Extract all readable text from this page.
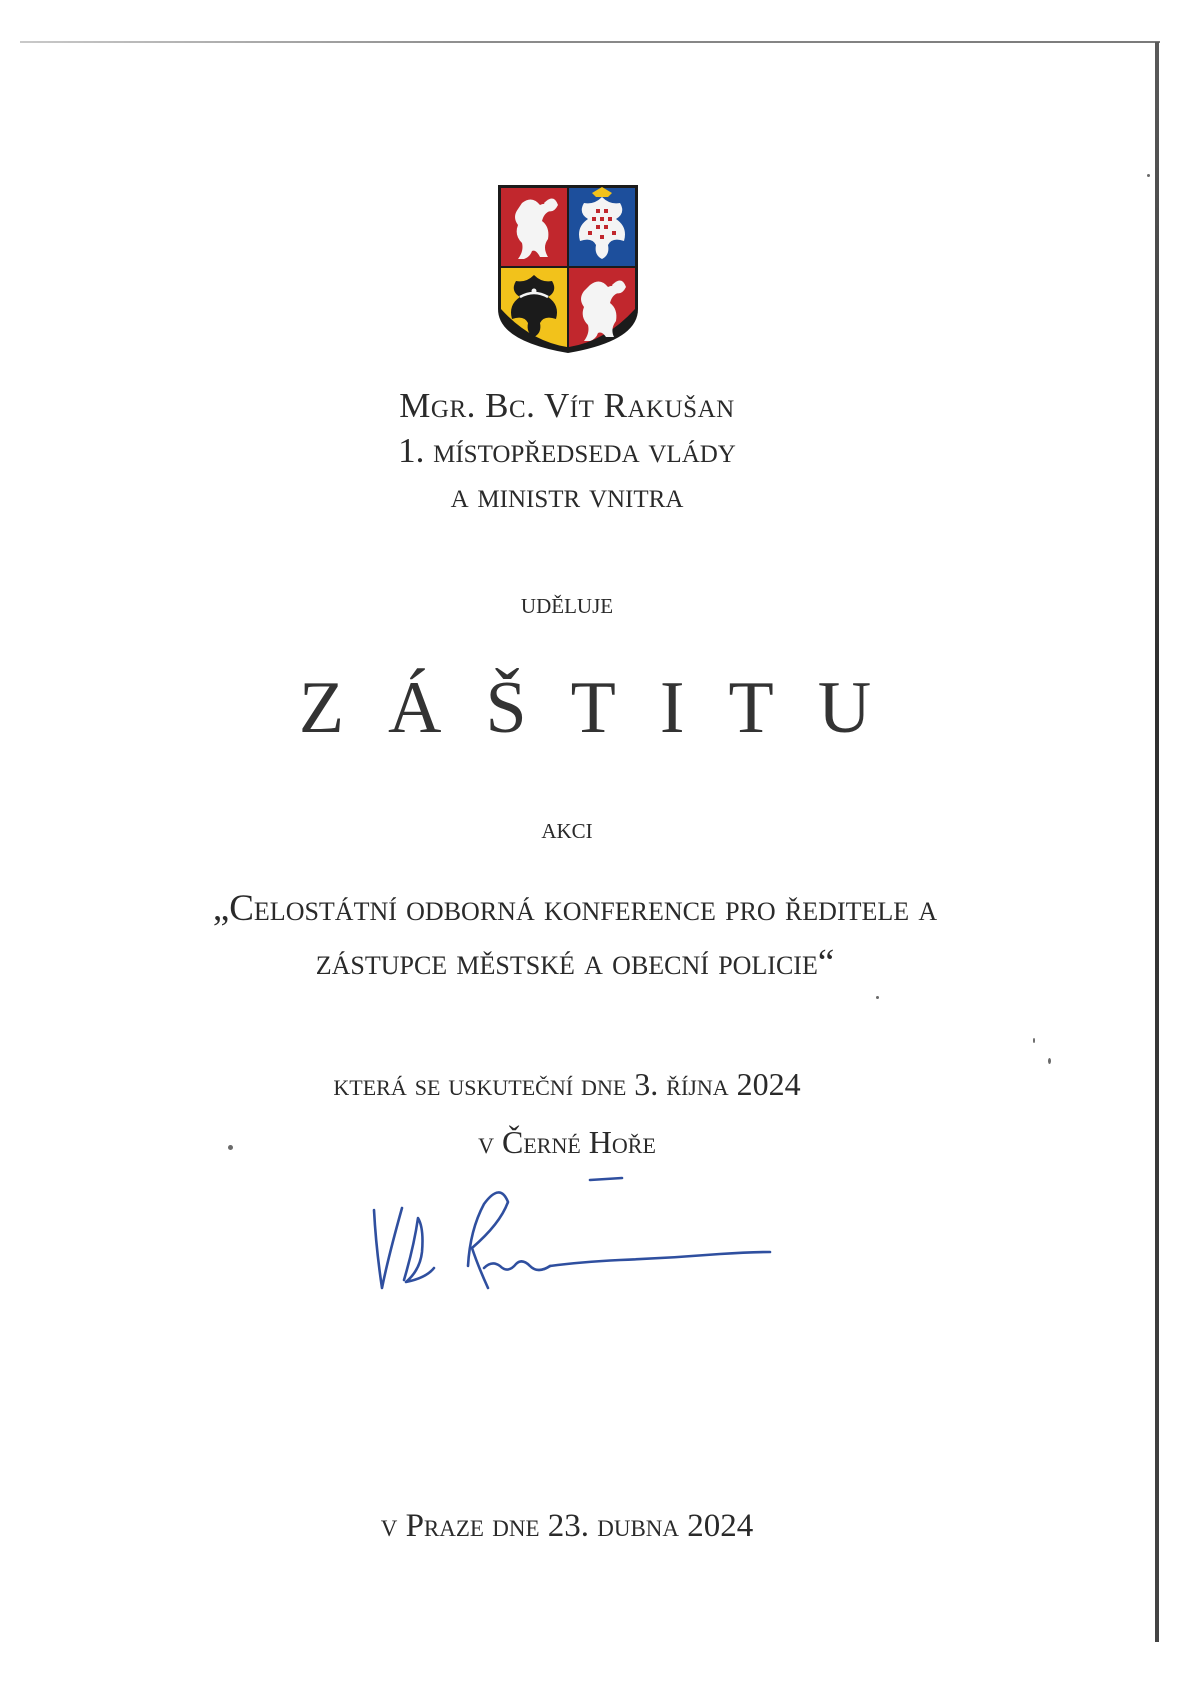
Mgr. Bc. Vít Rakušan
1. místopředseda vlády
a ministr vnitra
uděluje
ZÁŠTITU
akci
„Celostátní odborná konference pro ředitele a zástupce městské a obecní policie“
která se uskuteční dne 3. října 2024
v Černé Hoře
v Praze dne 23. dubna 2024
